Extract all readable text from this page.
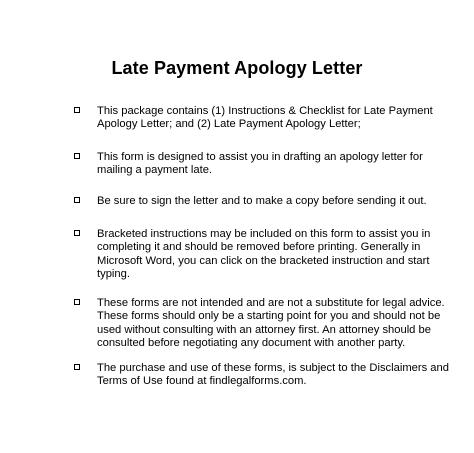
Late Payment Apology Letter
This package contains (1) Instructions & Checklist for Late Payment
Apology Letter; and (2) Late Payment Apology Letter;
This form is designed to assist you in drafting an apology letter for
mailing a payment late.
Be sure to sign the letter and to make a copy before sending it out.
Bracketed instructions may be included on this form to assist you in
completing it and should be removed before printing. Generally in
Microsoft Word, you can click on the bracketed instruction and start
typing.
These forms are not intended and are not a substitute for legal advice.
These forms should only be a starting point for you and should not be
used without consulting with an attorney first. An attorney should be
consulted before negotiating any document with another party.
The purchase and use of these forms, is subject to the Disclaimers and
Terms of Use found at findlegalforms.com.
